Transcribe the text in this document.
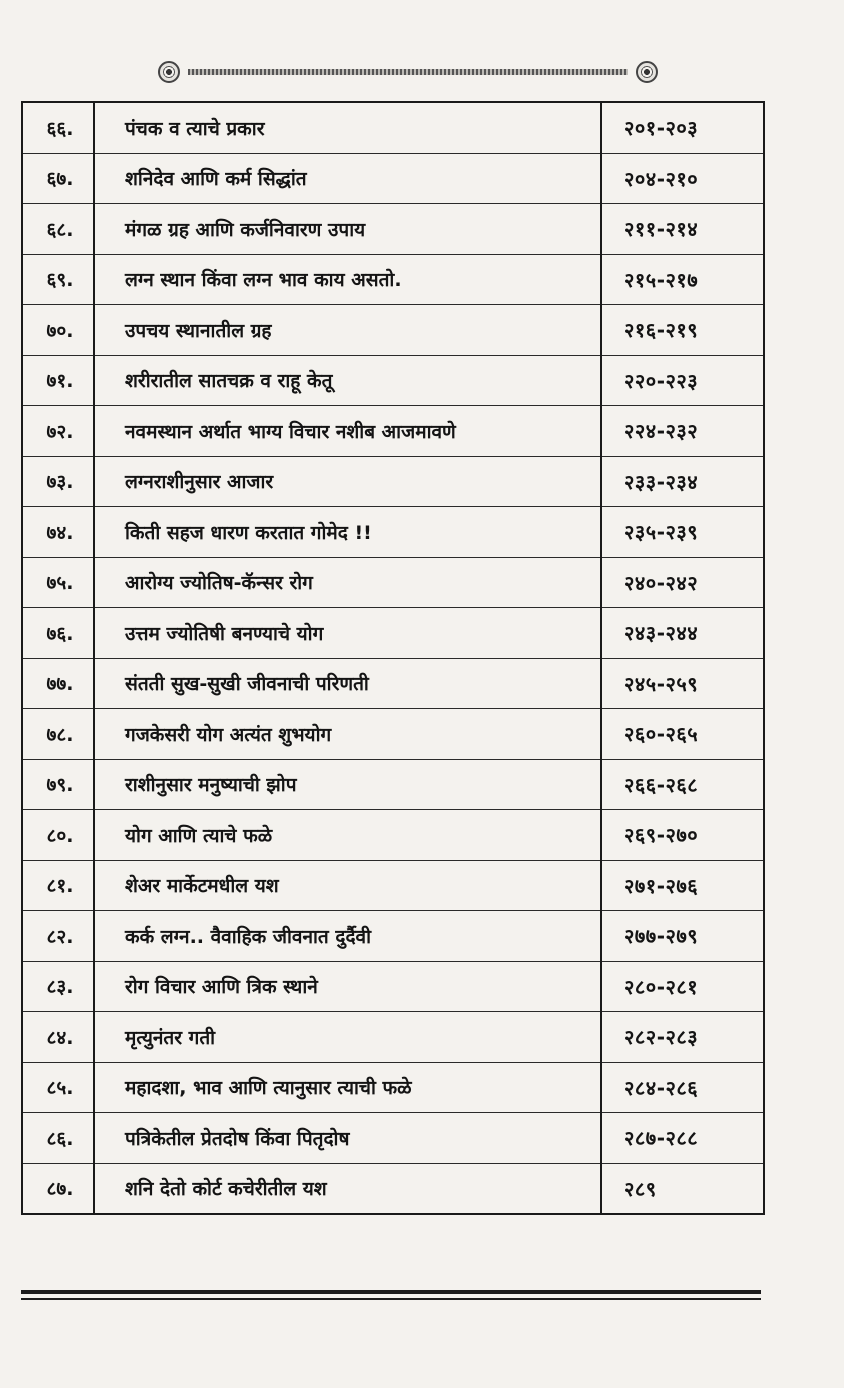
६६.	पंचक व त्याचे प्रकार	२०१-२०३
६७.	शनिदेव आणि कर्म सिद्धांत	२०४-२१०
६८.	मंगळ ग्रह आणि कर्जनिवारण उपाय	२११-२१४
६९.	लग्न स्थान किंवा लग्न भाव काय असतो.	२१५-२१७
७०.	उपचय स्थानातील ग्रह	२१६-२१९
७१.	शरीरातील सातचक्र व राहू केतू	२२०-२२३
७२.	नवमस्थान अर्थात भाग्य विचार नशीब आजमावणे	२२४-२३२
७३.	लग्नराशीनुसार आजार	२३३-२३४
७४.	किती सहज धारण करतात गोमेद !!	२३५-२३९
७५.	आरोग्य ज्योतिष-कॅन्सर रोग	२४०-२४२
७६.	उत्तम ज्योतिषी बनण्याचे योग	२४३-२४४
७७.	संतती सुख-सुखी जीवनाची परिणती	२४५-२५९
७८.	गजकेसरी योग अत्यंत शुभयोग	२६०-२६५
७९.	राशीनुसार मनुष्याची झोप	२६६-२६८
८०.	योग आणि त्याचे फळे	२६९-२७०
८१.	शेअर मार्केटमधील यश	२७१-२७६
८२.	कर्क लग्न.. वैवाहिक जीवनात दुर्दैवी	२७७-२७९
८३.	रोग विचार आणि त्रिक स्थाने	२८०-२८१
८४.	मृत्युनंतर गती	२८२-२८३
८५.	महादशा, भाव आणि त्यानुसार त्याची फळे	२८४-२८६
८६.	पत्रिकेतील प्रेतदोष किंवा पितृदोष	२८७-२८८
८७.	शनि देतो कोर्ट कचेरीतील यश	२८९
